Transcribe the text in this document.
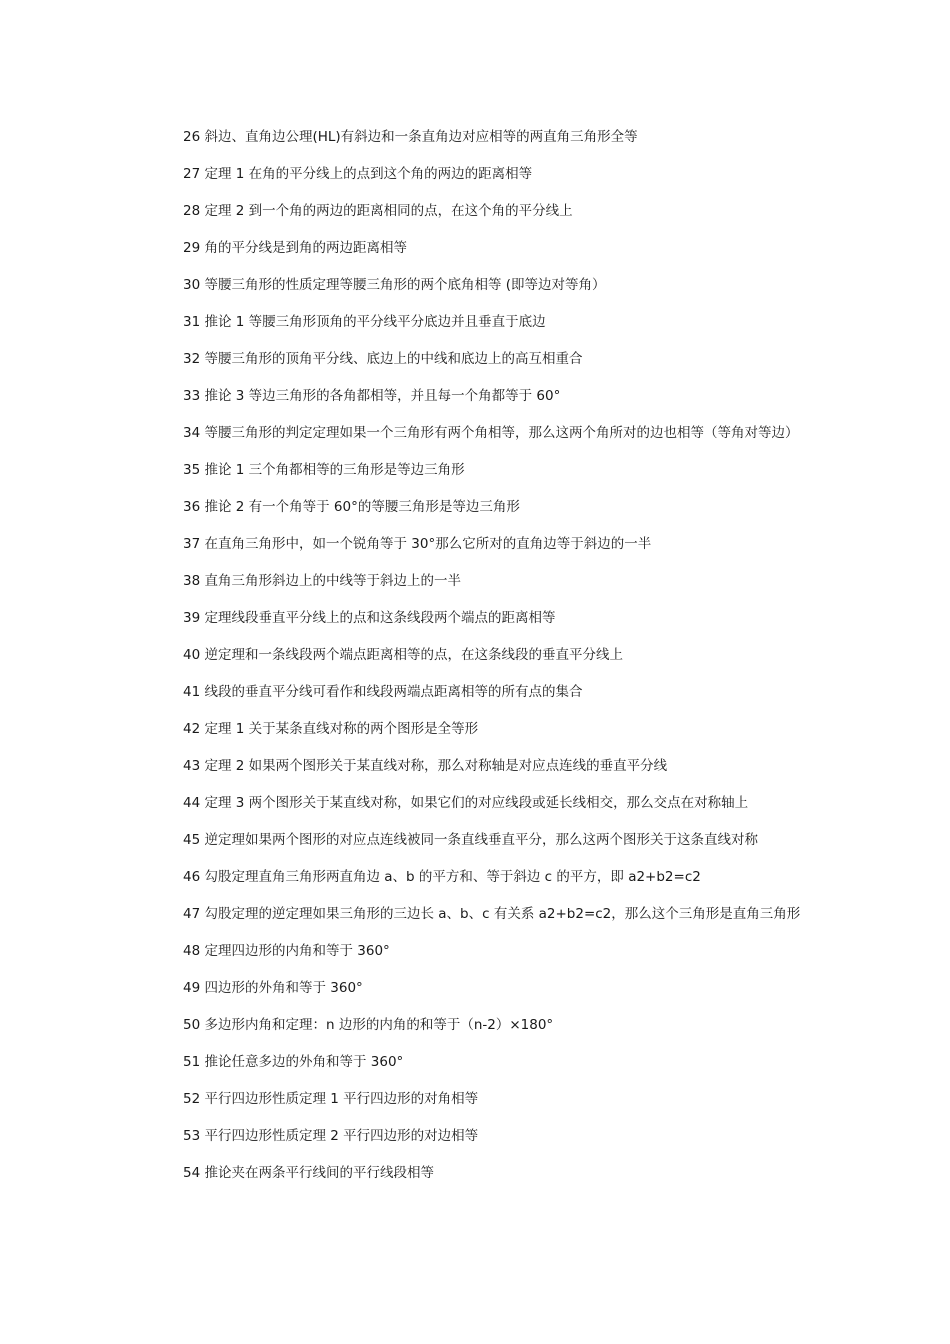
26 斜边、直角边公理(HL)有斜边和一条直角边对应相等的两直角三角形全等

27 定理 1 在角的平分线上的点到这个角的两边的距离相等

28 定理 2 到一个角的两边的距离相同的点，在这个角的平分线上

29 角的平分线是到角的两边距离相等

30 等腰三角形的性质定理等腰三角形的两个底角相等 (即等边对等角）

31 推论 1 等腰三角形顶角的平分线平分底边并且垂直于底边

32 等腰三角形的顶角平分线、底边上的中线和底边上的高互相重合

33 推论 3 等边三角形的各角都相等，并且每一个角都等于 60°

34 等腰三角形的判定定理如果一个三角形有两个角相等，那么这两个角所对的边也相等（等角对等边）

35 推论 1 三个角都相等的三角形是等边三角形

36 推论 2 有一个角等于 60°的等腰三角形是等边三角形

37 在直角三角形中，如一个锐角等于 30°那么它所对的直角边等于斜边的一半

38 直角三角形斜边上的中线等于斜边上的一半

39 定理线段垂直平分线上的点和这条线段两个端点的距离相等

40 逆定理和一条线段两个端点距离相等的点，在这条线段的垂直平分线上

41 线段的垂直平分线可看作和线段两端点距离相等的所有点的集合

42 定理 1 关于某条直线对称的两个图形是全等形

43 定理 2 如果两个图形关于某直线对称，那么对称轴是对应点连线的垂直平分线

44 定理 3 两个图形关于某直线对称，如果它们的对应线段或延长线相交，那么交点在对称轴上

45 逆定理如果两个图形的对应点连线被同一条直线垂直平分，那么这两个图形关于这条直线对称

46 勾股定理直角三角形两直角边 a、b 的平方和、等于斜边 c 的平方，即 a2+b2=c2

47 勾股定理的逆定理如果三角形的三边长 a、b、c 有关系 a2+b2=c2，那么这个三角形是直角三角形

48 定理四边形的内角和等于 360°

49 四边形的外角和等于 360°

50 多边形内角和定理：n 边形的内角的和等于（n-2）×180°

51 推论任意多边的外角和等于 360°

52 平行四边形性质定理 1 平行四边形的对角相等

53 平行四边形性质定理 2 平行四边形的对边相等

54 推论夹在两条平行线间的平行线段相等
